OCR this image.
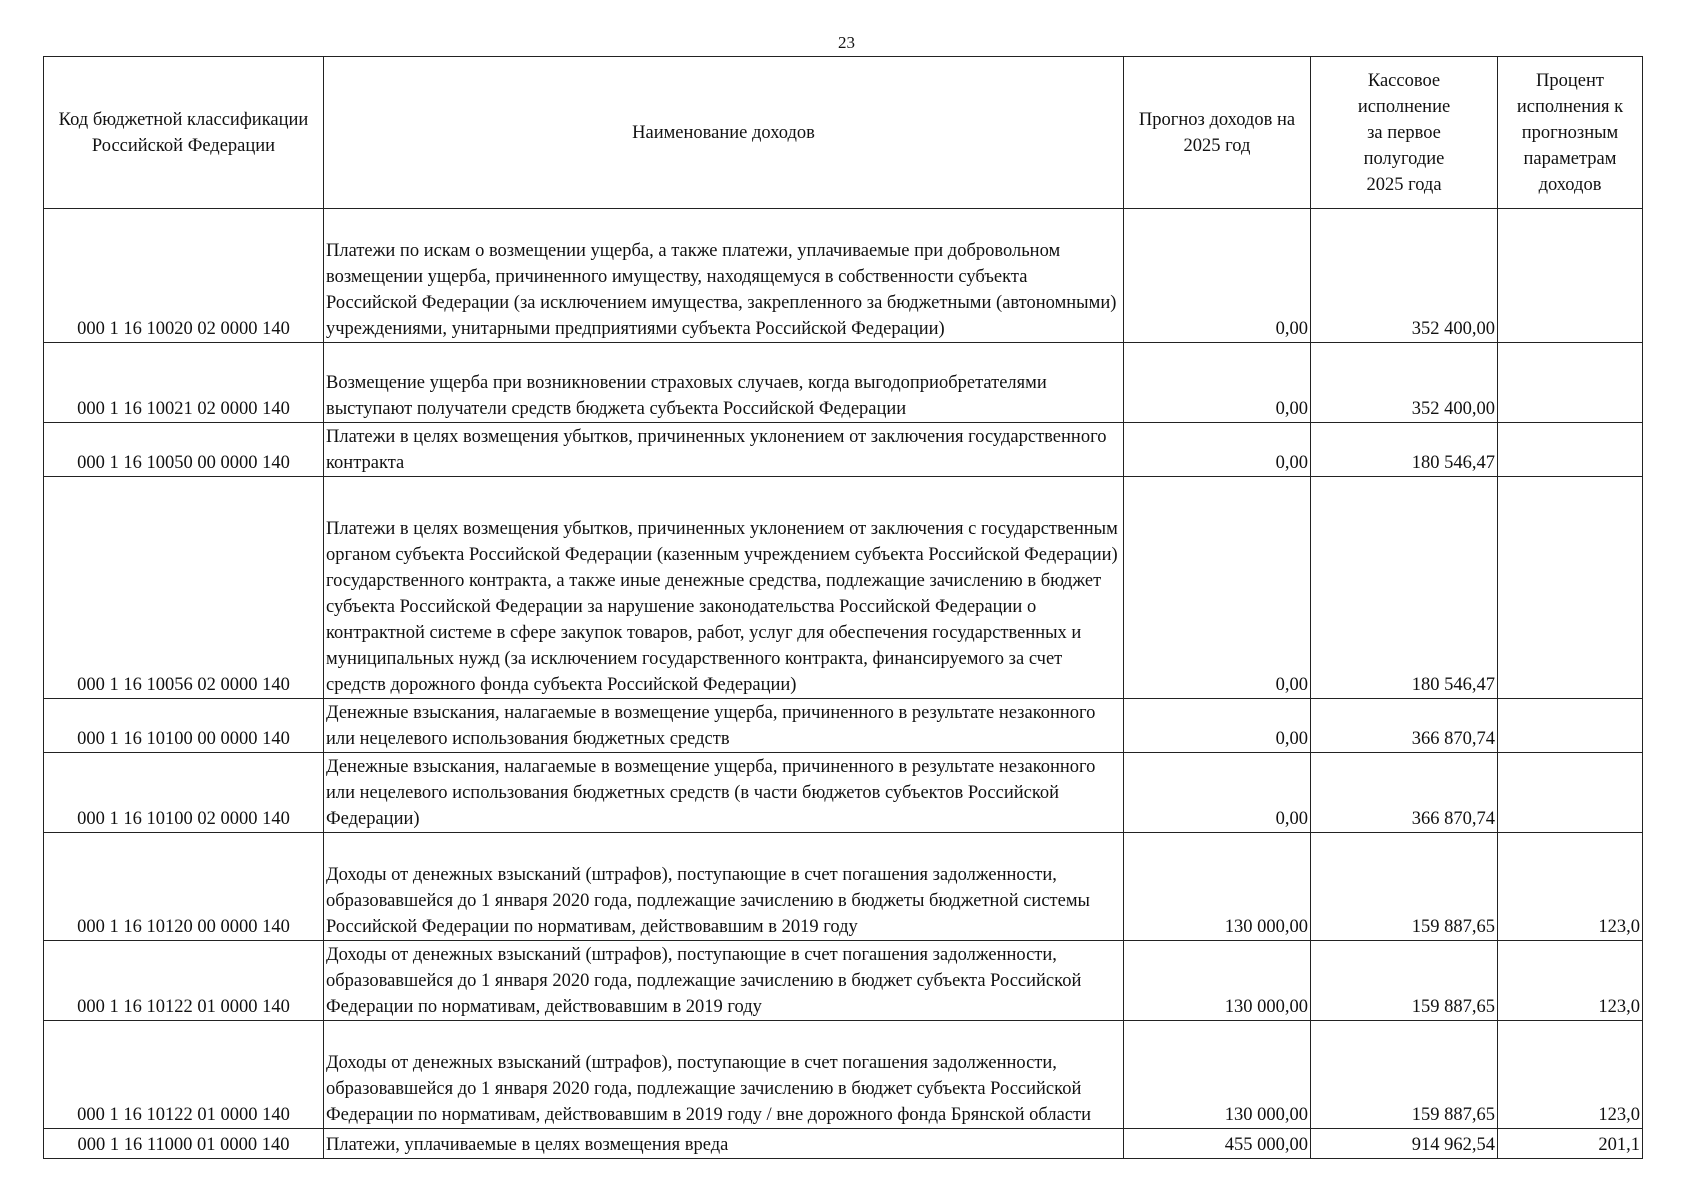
23
Код бюджетной классификации Российской Федерации	Наименование доходов	Прогноз доходов на 2025 год	Кассовое исполнение за первое полугодие 2025 года	Процент исполнения к прогнозным параметрам доходов
000 1 16 10020 02 0000 140	Платежи по искам о возмещении ущерба, а также платежи, уплачиваемые при добровольном возмещении ущерба, причиненного имуществу, находящемуся в собственности субъекта Российской Федерации (за исключением имущества, закрепленного за бюджетными (автономными) учреждениями, унитарными предприятиями субъекта Российской Федерации)	0,00	352 400,00	
000 1 16 10021 02 0000 140	Возмещение ущерба при возникновении страховых случаев, когда выгодоприобретателями выступают получатели средств бюджета субъекта Российской Федерации	0,00	352 400,00	
000 1 16 10050 00 0000 140	Платежи в целях возмещения убытков, причиненных уклонением от заключения государственного контракта	0,00	180 546,47	
000 1 16 10056 02 0000 140	Платежи в целях возмещения убытков, причиненных уклонением от заключения с государственным органом субъекта Российской Федерации (казенным учреждением субъекта Российской Федерации) государственного контракта, а также иные денежные средства, подлежащие зачислению в бюджет субъекта Российской Федерации за нарушение законодательства Российской Федерации о контрактной системе в сфере закупок товаров, работ, услуг для обеспечения государственных и муниципальных нужд (за исключением государственного контракта, финансируемого за счет средств дорожного фонда субъекта Российской Федерации)	0,00	180 546,47	
000 1 16 10100 00 0000 140	Денежные взыскания, налагаемые в возмещение ущерба, причиненного в результате незаконного или нецелевого использования бюджетных средств	0,00	366 870,74	
000 1 16 10100 02 0000 140	Денежные взыскания, налагаемые в возмещение ущерба, причиненного в результате незаконного или нецелевого использования бюджетных средств (в части бюджетов субъектов Российской Федерации)	0,00	366 870,74	
000 1 16 10120 00 0000 140	Доходы от денежных взысканий (штрафов), поступающие в счет погашения задолженности, образовавшейся до 1 января 2020 года, подлежащие зачислению в бюджеты бюджетной системы Российской Федерации по нормативам, действовавшим в 2019 году	130 000,00	159 887,65	123,0
000 1 16 10122 01 0000 140	Доходы от денежных взысканий (штрафов), поступающие в счет погашения задолженности, образовавшейся до 1 января 2020 года, подлежащие зачислению в бюджет субъекта Российской Федерации по нормативам, действовавшим в 2019 году	130 000,00	159 887,65	123,0
000 1 16 10122 01 0000 140	Доходы от денежных взысканий (штрафов), поступающие в счет погашения задолженности, образовавшейся до 1 января 2020 года, подлежащие зачислению в бюджет субъекта Российской Федерации по нормативам, действовавшим в 2019 году / вне дорожного фонда Брянской области	130 000,00	159 887,65	123,0
000 1 16 11000 01 0000 140	Платежи, уплачиваемые в целях возмещения вреда	455 000,00	914 962,54	201,1
